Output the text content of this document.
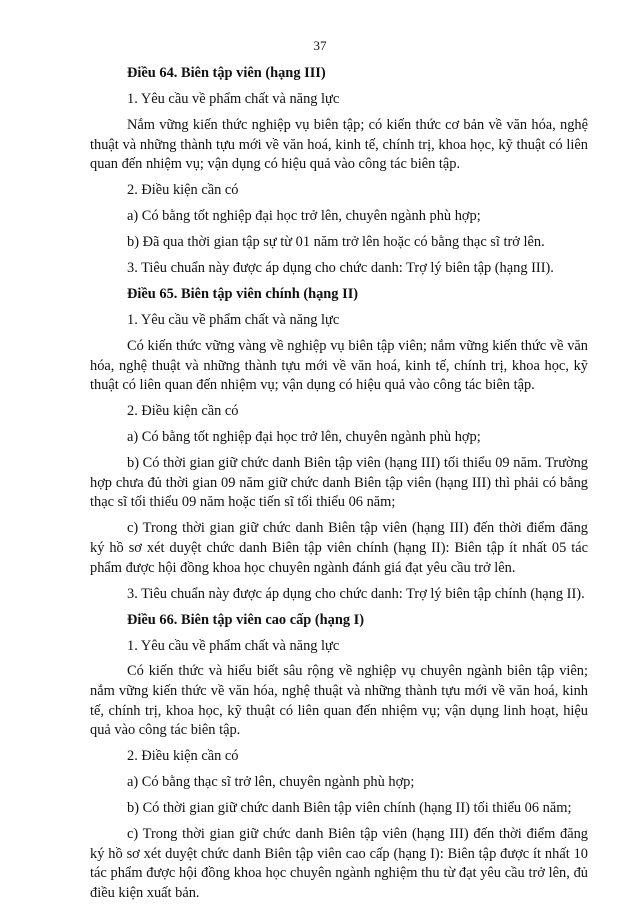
37

Điều 64. Biên tập viên (hạng III)

1. Yêu cầu về phẩm chất và năng lực

Nắm vững kiến thức nghiệp vụ biên tập; có kiến thức cơ bản về văn hóa, nghệ thuật và những thành tựu mới về văn hoá, kinh tế, chính trị, khoa học, kỹ thuật có liên quan đến nhiệm vụ; vận dụng có hiệu quả vào công tác biên tập.

2. Điều kiện cần có

a) Có bằng tốt nghiệp đại học trở lên, chuyên ngành phù hợp;

b) Đã qua thời gian tập sự từ 01 năm trở lên hoặc có bằng thạc sĩ trở lên.

3. Tiêu chuẩn này được áp dụng cho chức danh: Trợ lý biên tập (hạng III).

Điều 65. Biên tập viên chính (hạng II)

1. Yêu cầu về phẩm chất và năng lực

Có kiến thức vững vàng về nghiệp vụ biên tập viên; nắm vững kiến thức về văn hóa, nghệ thuật và những thành tựu mới về văn hoá, kinh tế, chính trị, khoa học, kỹ thuật có liên quan đến nhiệm vụ; vận dụng có hiệu quả vào công tác biên tập.

2. Điều kiện cần có

a) Có bằng tốt nghiệp đại học trở lên, chuyên ngành phù hợp;

b) Có thời gian giữ chức danh Biên tập viên (hạng III) tối thiểu 09 năm. Trường hợp chưa đủ thời gian 09 năm giữ chức danh Biên tập viên (hạng III) thì phải có bằng thạc sĩ tối thiểu 09 năm hoặc tiến sĩ tối thiểu 06 năm;

c) Trong thời gian giữ chức danh Biên tập viên (hạng III) đến thời điểm đăng ký hồ sơ xét duyệt chức danh Biên tập viên chính (hạng II): Biên tập ít nhất 05 tác phẩm được hội đồng khoa học chuyên ngành đánh giá đạt yêu cầu trở lên.

3. Tiêu chuẩn này được áp dụng cho chức danh: Trợ lý biên tập chính (hạng II).

Điều 66. Biên tập viên cao cấp (hạng I)

1. Yêu cầu về phẩm chất và năng lực

Có kiến thức và hiểu biết sâu rộng về nghiệp vụ chuyên ngành biên tập viên; nắm vững kiến thức về văn hóa, nghệ thuật và những thành tựu mới về văn hoá, kinh tế, chính trị, khoa học, kỹ thuật có liên quan đến nhiệm vụ; vận dụng linh hoạt, hiệu quả vào công tác biên tập.

2. Điều kiện cần có

a) Có bằng thạc sĩ trở lên, chuyên ngành phù hợp;

b) Có thời gian giữ chức danh Biên tập viên chính (hạng II) tối thiểu 06 năm;

c) Trong thời gian giữ chức danh Biên tập viên (hạng III) đến thời điểm đăng ký hồ sơ xét duyệt chức danh Biên tập viên cao cấp (hạng I): Biên tập được ít nhất 10 tác phẩm được hội đồng khoa học chuyên ngành nghiệm thu từ đạt yêu cầu trở lên, đủ điều kiện xuất bản.
